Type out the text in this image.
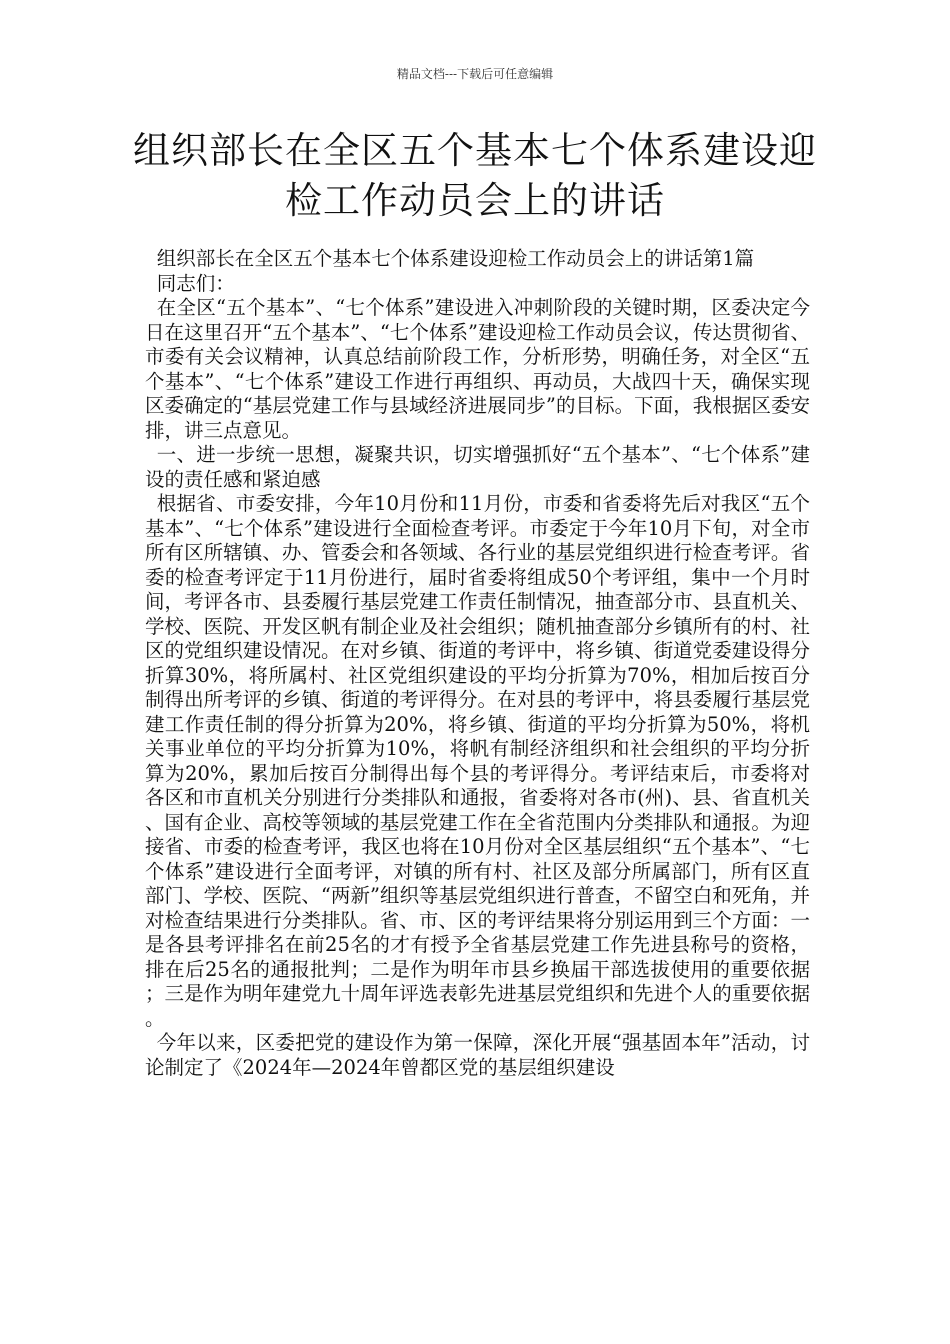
精品文档---下载后可任意编辑
组织部长在全区五个基本七个体系建设迎
检工作动员会上的讲话

组织部长在全区五个基本七个体系建设迎检工作动员会上的讲话第1篇

同志们：

在全区“五个基本”、“七个体系”建设进入冲刺阶段的关键时期，区委决定今日在这里召开“五个基本”、“七个体系”建设迎检工作动员会议，传达贯彻省、市委有关会议精神，认真总结前阶段工作，分析形势，明确任务，对全区“五个基本”、“七个体系”建设工作进行再组织、再动员，大战四十天，确保实现区委确定的“基层党建工作与县域经济进展同步”的目标。下面，我根据区委安排，讲三点意见。

一、进一步统一思想，凝聚共识，切实增强抓好“五个基本”、“七个体系”建设的责任感和紧迫感

根据省、市委安排，今年10月份和11月份，市委和省委将先后对我区“五个基本”、“七个体系”建设进行全面检查考评。市委定于今年10月下旬，对全市所有区所辖镇、办、管委会和各领域、各行业的基层党组织进行检查考评。省委的检查考评定于11月份进行，届时省委将组成50个考评组，集中一个月时间，考评各市、县委履行基层党建工作责任制情况，抽查部分市、县直机关、学校、医院、开发区帆有制企业及社会组织；随机抽查部分乡镇所有的村、社区的党组织建设情况。在对乡镇、街道的考评中，将乡镇、街道党委建设得分折算30%，将所属村、社区党组织建设的平均分折算为70%，相加后按百分制得出所考评的乡镇、街道的考评得分。在对县的考评中，将县委履行基层党建工作责任制的得分折算为20%，将乡镇、街道的平均分折算为50%，将机关事业单位的平均分折算为10%，将帆有制经济组织和社会组织的平均分折算为20%，累加后按百分制得出每个县的考评得分。考评结束后，市委将对各区和市直机关分别进行分类排队和通报，省委将对各市(州)、县、省直机关、国有企业、高校等领域的基层党建工作在全省范围内分类排队和通报。为迎接省、市委的检查考评，我区也将在10月份对全区基层组织“五个基本”、“七个体系”建设进行全面考评，对镇的所有村、社区及部分所属部门，所有区直部门、学校、医院、“两新”组织等基层党组织进行普查，不留空白和死角，并对检查结果进行分类排队。省、市、区的考评结果将分别运用到三个方面：一是各县考评排名在前25名的才有授予全省基层党建工作先进县称号的资格，排在后25名的通报批判；二是作为明年市县乡换届干部选拔使用的重要依据；三是作为明年建党九十周年评选表彰先进基层党组织和先进个人的重要依据。

今年以来，区委把党的建设作为第一保障，深化开展“强基固本年”活动，讨论制定了《2024年—2024年曾都区党的基层组织建设
